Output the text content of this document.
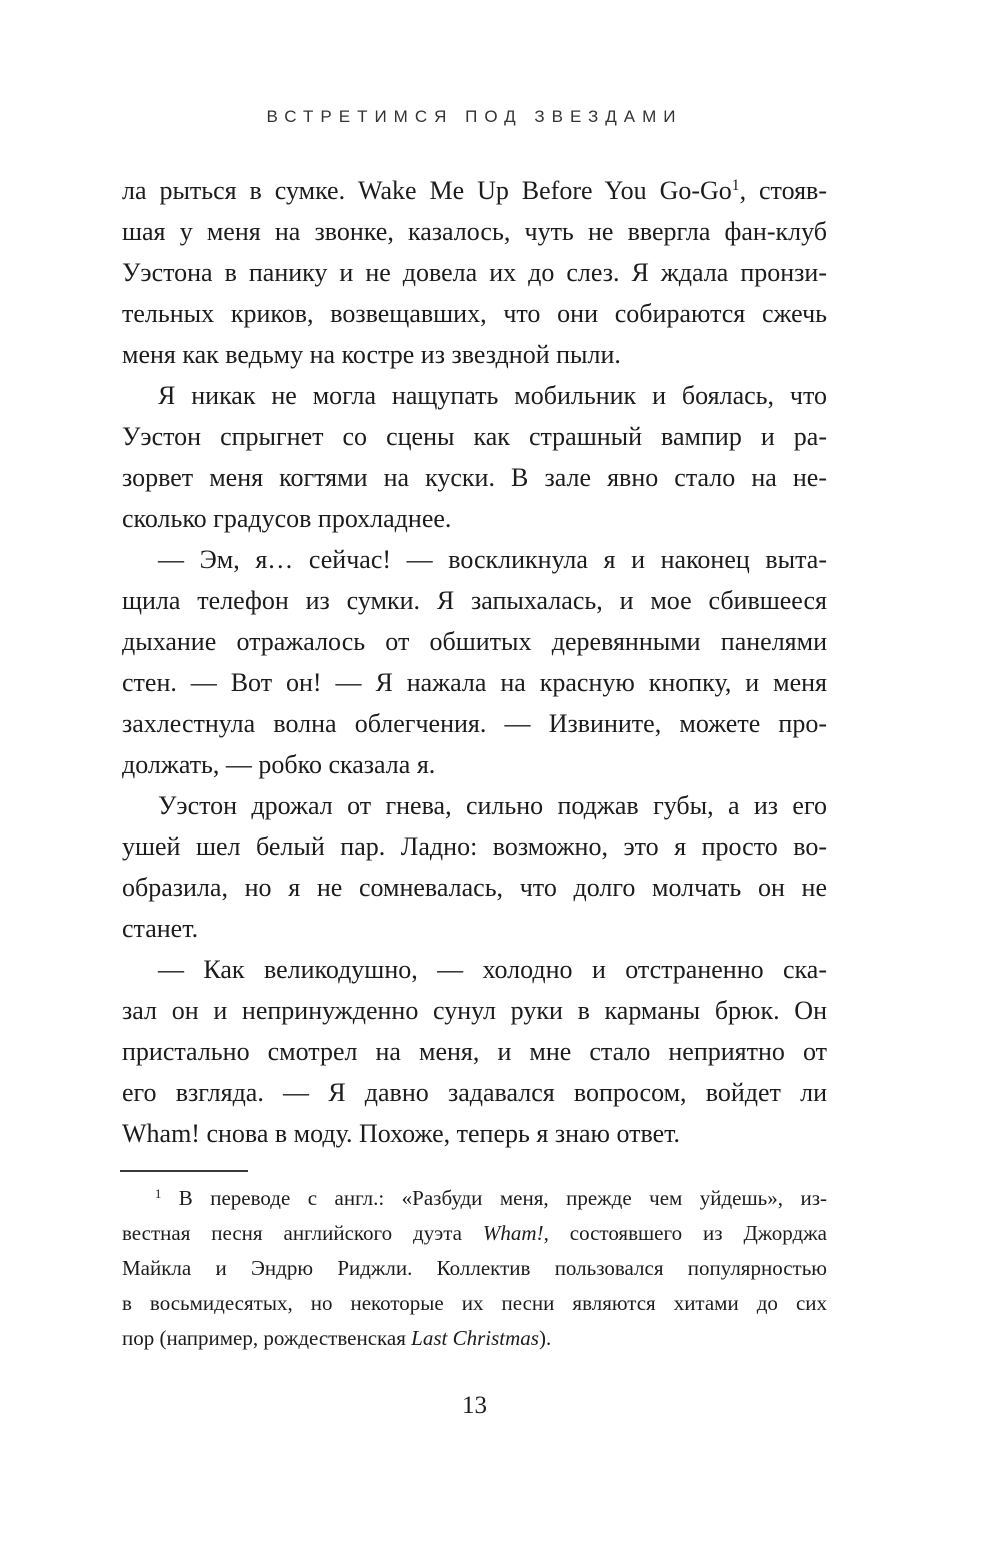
ВСТРЕТИМСЯ ПОД ЗВЕЗДАМИ
ла рыться в сумке. Wake Me Up Before You Go-Go$^1$, стояв-
шая у меня на звонке, казалось, чуть не ввергла фан-клуб
Уэстона в панику и не довела их до слез. Я ждала пронзи-
тельных криков, возвещавших, что они собираются сжечь
меня как ведьму на костре из звездной пыли.
Я никак не могла нащупать мобильник и боялась, что
Уэстон спрыгнет со сцены как страшный вампир и ра-
зорвет меня когтями на куски. В зале явно стало на не-
сколько градусов прохладнее.
— Эм, я… сейчас! — воскликнула я и наконец выта-
щила телефон из сумки. Я запыхалась, и мое сбившееся
дыхание отражалось от обшитых деревянными панелями
стен. — Вот он! — Я нажала на красную кнопку, и меня
захлестнула волна облегчения. — Извините, можете про-
должать, — робко сказала я.
Уэстон дрожал от гнева, сильно поджав губы, а из его
ушей шел белый пар. Ладно: возможно, это я просто во-
образила, но я не сомневалась, что долго молчать он не
станет.
— Как великодушно, — холодно и отстраненно ска-
зал он и непринужденно сунул руки в карманы брюк. Он
пристально смотрел на меня, и мне стало неприятно от
его взгляда. — Я давно задавался вопросом, войдет ли
Wham! снова в моду. Похоже, теперь я знаю ответ.
$^1$ В переводе с англ.: «Разбуди меня, прежде чем уйдешь», из-
вестная песня английского дуэта Wham!, состоявшего из Джорджа
Майкла и Эндрю Риджли. Коллектив пользовался популярностью
в восьмидесятых, но некоторые их песни являются хитами до сих
пор (например, рождественская Last Christmas).
13
